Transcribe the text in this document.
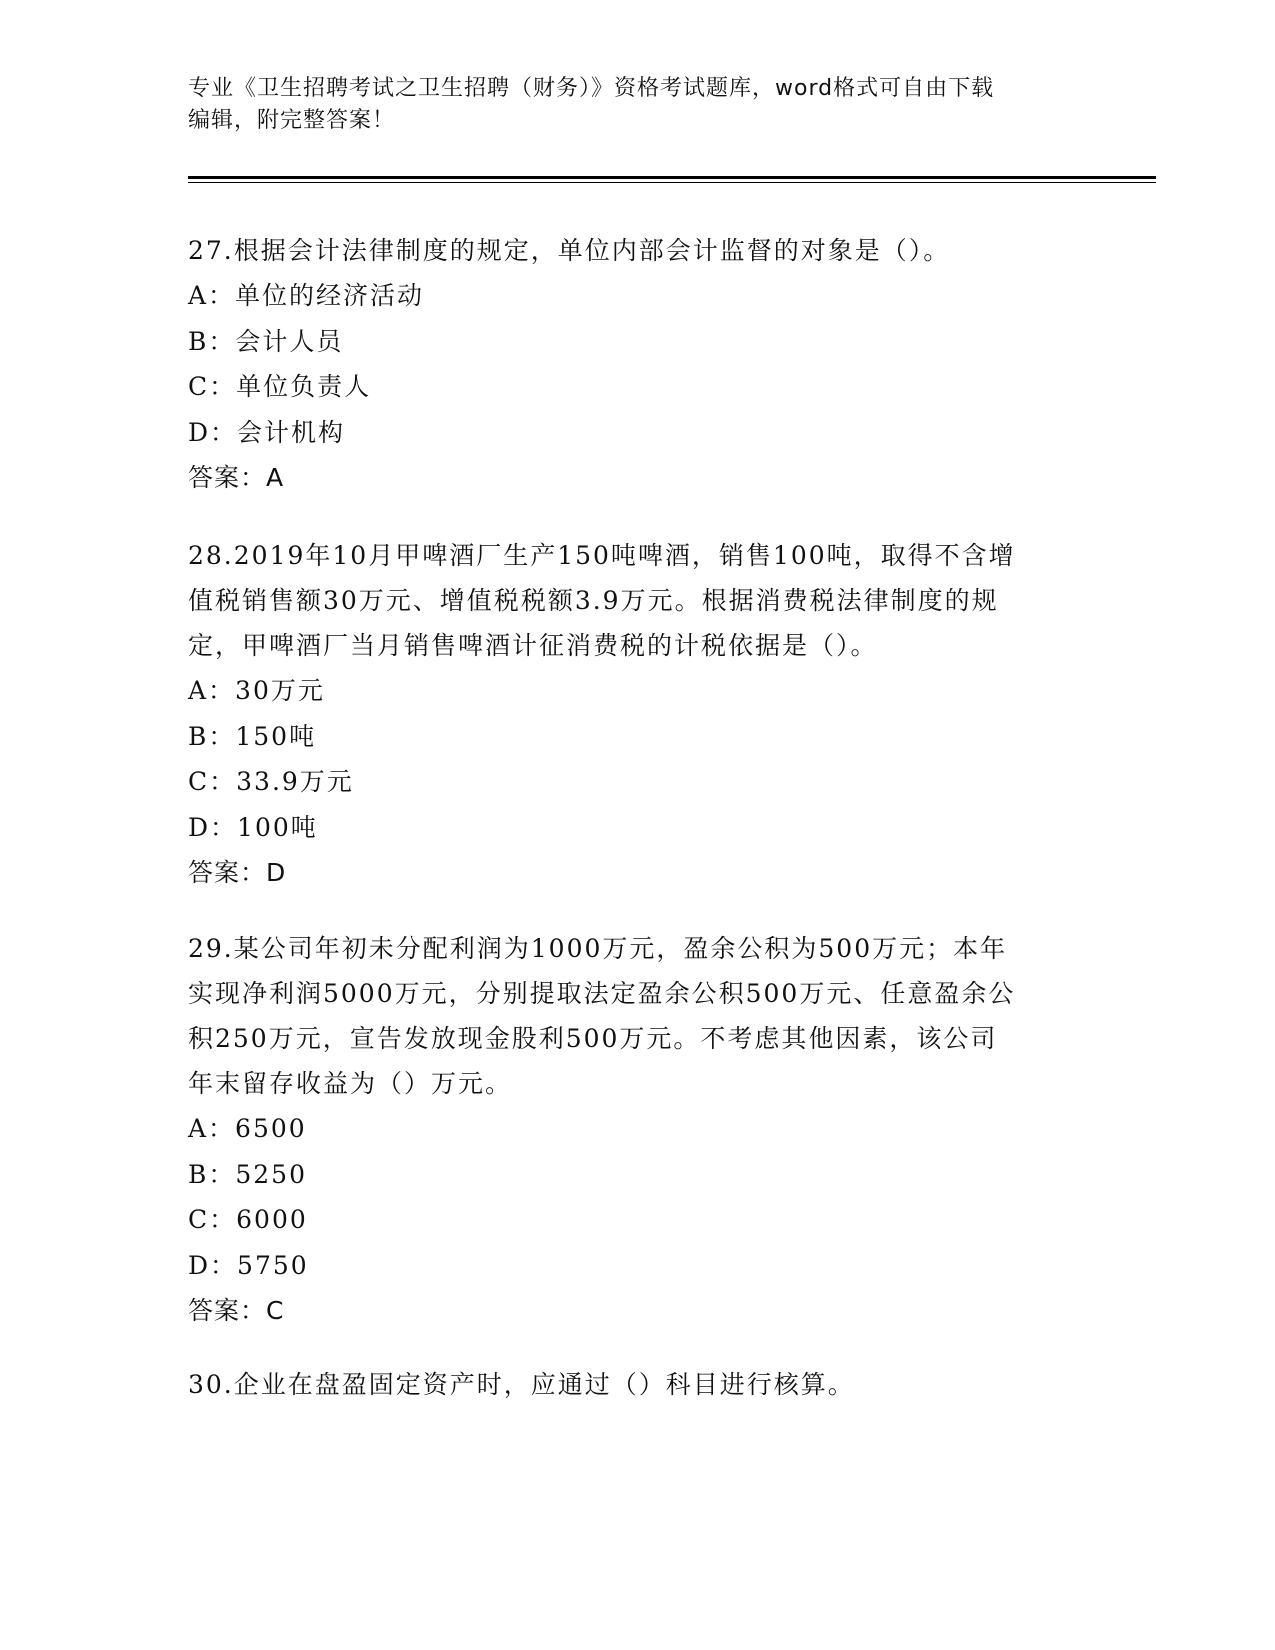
专业《卫生招聘考试之卫生招聘（财务）》资格考试题库，word格式可自由下载
编辑，附完整答案！
27.根据会计法律制度的规定，单位内部会计监督的对象是（）。
A：单位的经济活动
B：会计人员
C：单位负责人
D：会计机构
答案：A
28.2019年10月甲啤酒厂生产150吨啤酒，销售100吨，取得不含增
值税销售额30万元、增值税税额3.9万元。根据消费税法律制度的规
定，甲啤酒厂当月销售啤酒计征消费税的计税依据是（）。
A：30万元
B：150吨
C：33.9万元
D：100吨
答案：D
29.某公司年初未分配利润为1000万元，盈余公积为500万元；本年
实现净利润5000万元，分别提取法定盈余公积500万元、任意盈余公
积250万元，宣告发放现金股利500万元。不考虑其他因素，该公司
年末留存收益为（）万元。
A：6500
B：5250
C：6000
D：5750
答案：C
30.企业在盘盈固定资产时，应通过（）科目进行核算。
